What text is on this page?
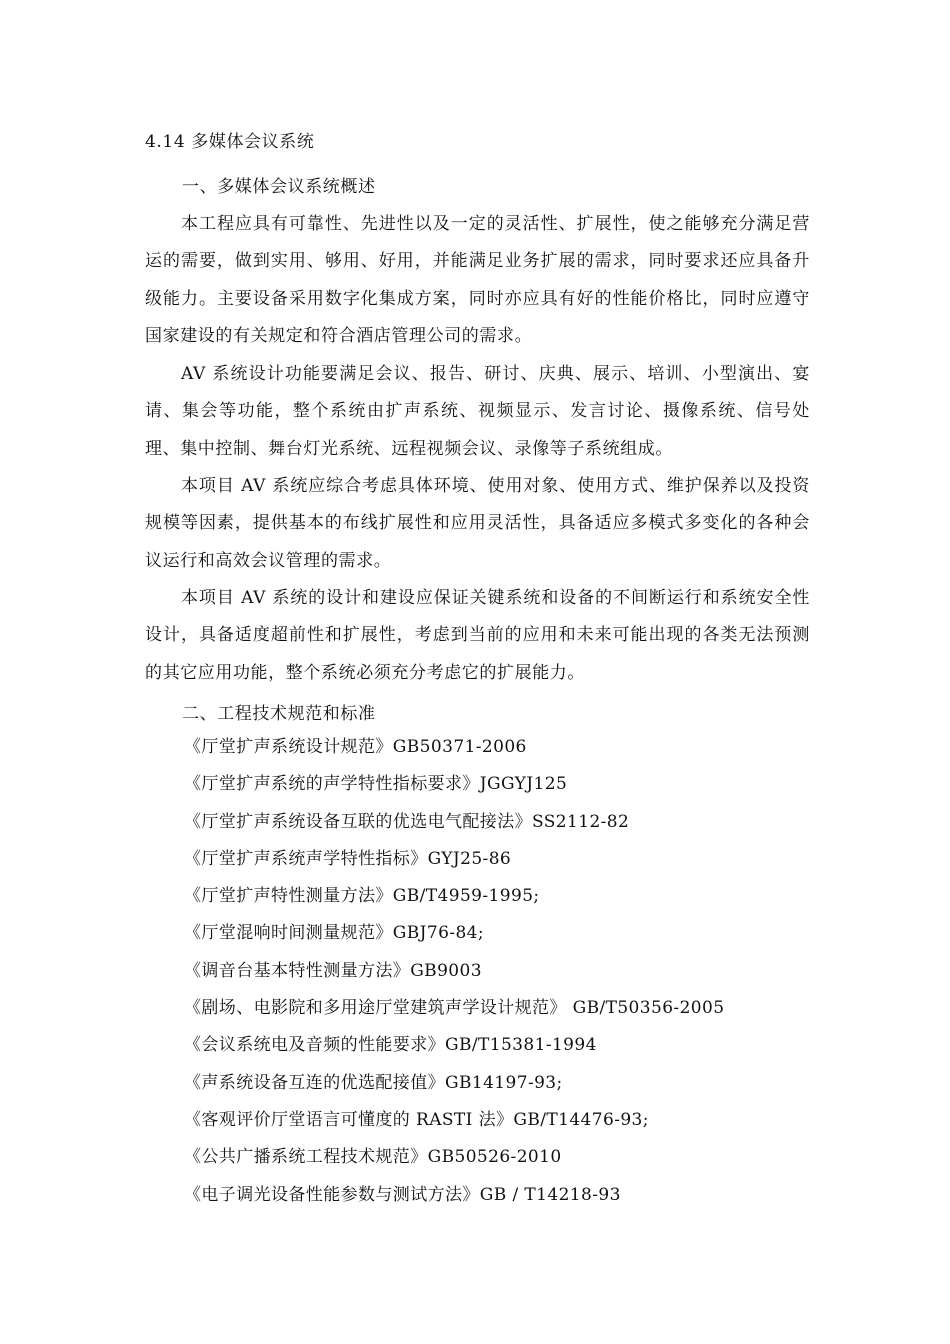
4.14 多媒体会议系统
一、多媒体会议系统概述

本工程应具有可靠性、先进性以及一定的灵活性、扩展性，使之能够充分满足营运的需要，做到实用、够用、好用，并能满足业务扩展的需求，同时要求还应具备升级能力。主要设备采用数字化集成方案，同时亦应具有好的性能价格比，同时应遵守国家建设的有关规定和符合酒店管理公司的需求。

AV 系统设计功能要满足会议、报告、研讨、庆典、展示、培训、小型演出、宴请、集会等功能，整个系统由扩声系统、视频显示、发言讨论、摄像系统、信号处理、集中控制、舞台灯光系统、远程视频会议、录像等子系统组成。

本项目 AV 系统应综合考虑具体环境、使用对象、使用方式、维护保养以及投资规模等因素，提供基本的布线扩展性和应用灵活性，具备适应多模式多变化的各种会议运行和高效会议管理的需求。

本项目 AV 系统的设计和建设应保证关键系统和设备的不间断运行和系统安全性设计，具备适度超前性和扩展性，考虑到当前的应用和未来可能出现的各类无法预测的其它应用功能，整个系统必须充分考虑它的扩展能力。

二、工程技术规范和标准
《厅堂扩声系统设计规范》GB50371-2006
《厅堂扩声系统的声学特性指标要求》JGGYJ125
《厅堂扩声系统设备互联的优选电气配接法》SS2112-82
《厅堂扩声系统声学特性指标》GYJ25-86
《厅堂扩声特性测量方法》GB/T4959-1995;
《厅堂混响时间测量规范》GBJ76-84;
《调音台基本特性测量方法》GB9003
《剧场、电影院和多用途厅堂建筑声学设计规范》 GB/T50356-2005
《会议系统电及音频的性能要求》GB/T15381-1994
《声系统设备互连的优选配接值》GB14197-93;
《客观评价厅堂语言可懂度的 RASTI 法》GB/T14476-93;
《公共广播系统工程技术规范》GB50526-2010
《电子调光设备性能参数与测试方法》GB / T14218-93
